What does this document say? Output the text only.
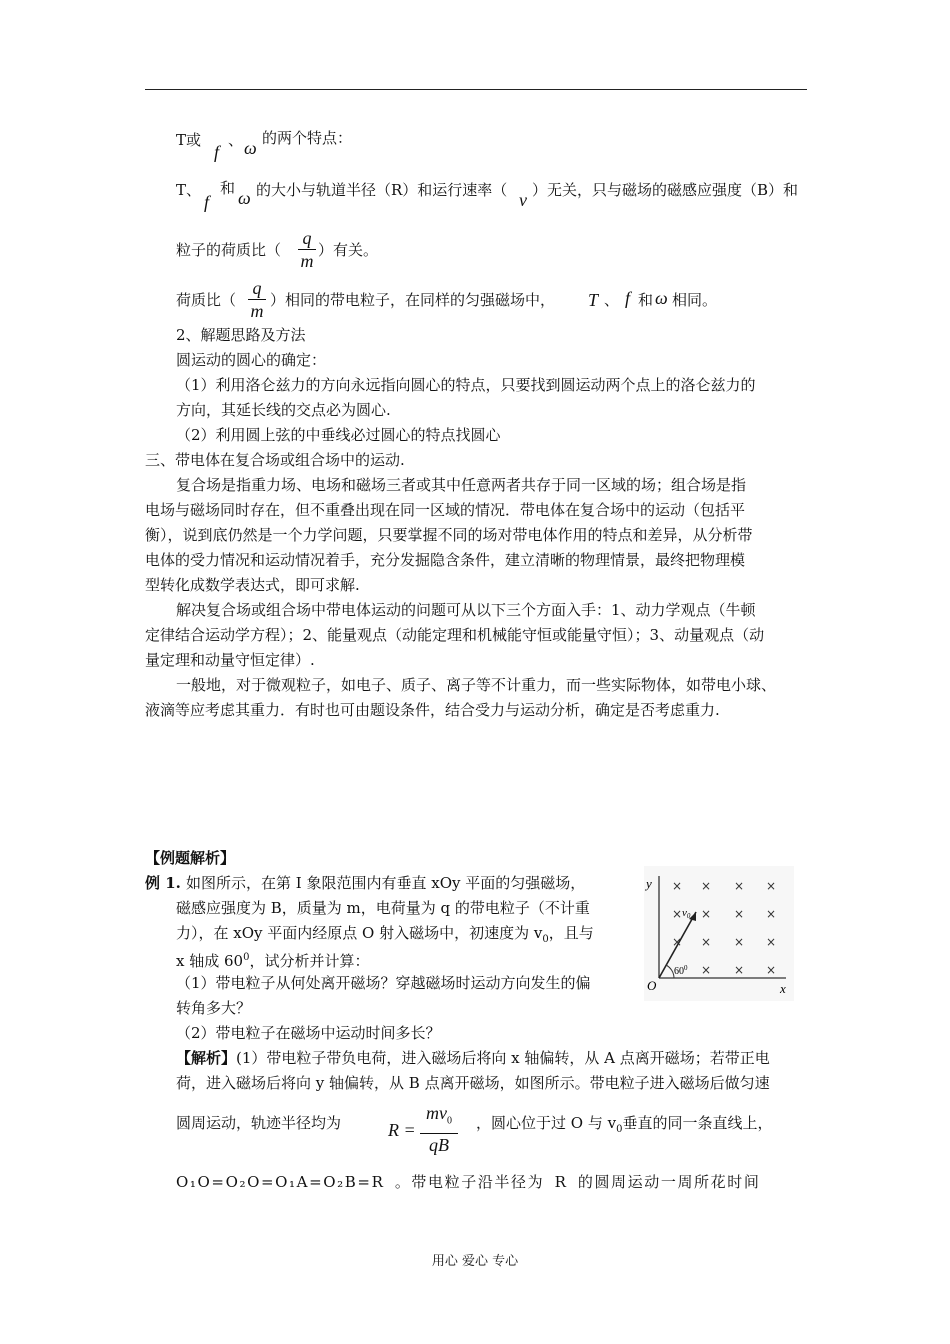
T或
f
、 ω 的两个特点：
T、
f
和 ω 的大小与轨道半径（R）和运行速率（ v ）无关，只与磁场的磁感应强度（B）和
粒子的荷质比（
q
m
）有关。
荷质比（
q
m
）相同的带电粒子，在同样的匀强磁场中， T 、 f 和 ω 相同。
2、解题思路及方法
圆运动的圆心的确定：
（1）利用洛仑兹力的方向永远指向圆心的特点，只要找到圆运动两个点上的洛仑兹力的
方向，其延长线的交点必为圆心.
（2）利用圆上弦的中垂线必过圆心的特点找圆心
三、带电体在复合场或组合场中的运动.
复合场是指重力场、电场和磁场三者或其中任意两者共存于同一区域的场；组合场是指
电场与磁场同时存在，但不重叠出现在同一区域的情况．带电体在复合场中的运动（包括平
衡），说到底仍然是一个力学问题，只要掌握不同的场对带电体作用的特点和差异，从分析带
电体的受力情况和运动情况着手，充分发掘隐含条件，建立清晰的物理情景，最终把物理模
型转化成数学表达式，即可求解.
解决复合场或组合场中带电体运动的问题可从以下三个方面入手：1、动力学观点（牛顿
定律结合运动学方程）；2、能量观点（动能定理和机械能守恒或能量守恒）；3、动量观点（动
量定理和动量守恒定律）.
一般地，对于微观粒子，如电子、质子、离子等不计重力，而一些实际物体，如带电小球、
液滴等应考虑其重力．有时也可由题设条件，结合受力与运动分析，确定是否考虑重力.
【例题解析】
例 1. 如图所示，在第 I 象限范围内有垂直 xOy 平面的匀强磁场，
磁感应强度为 B，质量为 m，电荷量为 q 的带电粒子（不计重
力），在 xOy 平面内经原点 O 射入磁场中，初速度为 $v_0$，且与
x 轴成 $60^0$，试分析并计算：
（1）带电粒子从何处离开磁场？穿越磁场时运动方向发生的偏
转角多大？
（2）带电粒子在磁场中运动时间多长？
【解析】(1）带电粒子带负电荷，进入磁场后将向 x 轴偏转，从 A 点离开磁场；若带正电
荷，进入磁场后将向 y 轴偏转，从 B 点离开磁场，如图所示。带电粒子进入磁场后做匀速
圆周运动，轨迹半径均为	R =
$mv_0$
qB
，圆心位于过 O 与 $v_0$垂直的同一条直线上，
O₁O=O₂O=O₁A=O₂B=R 。带电粒子沿半径为 R 的圆周运动一周所花时间
y
x
O
× × × ×
× × × ×
× × × ×
× × ×
v0
$60^0$
用心 爱心 专心
